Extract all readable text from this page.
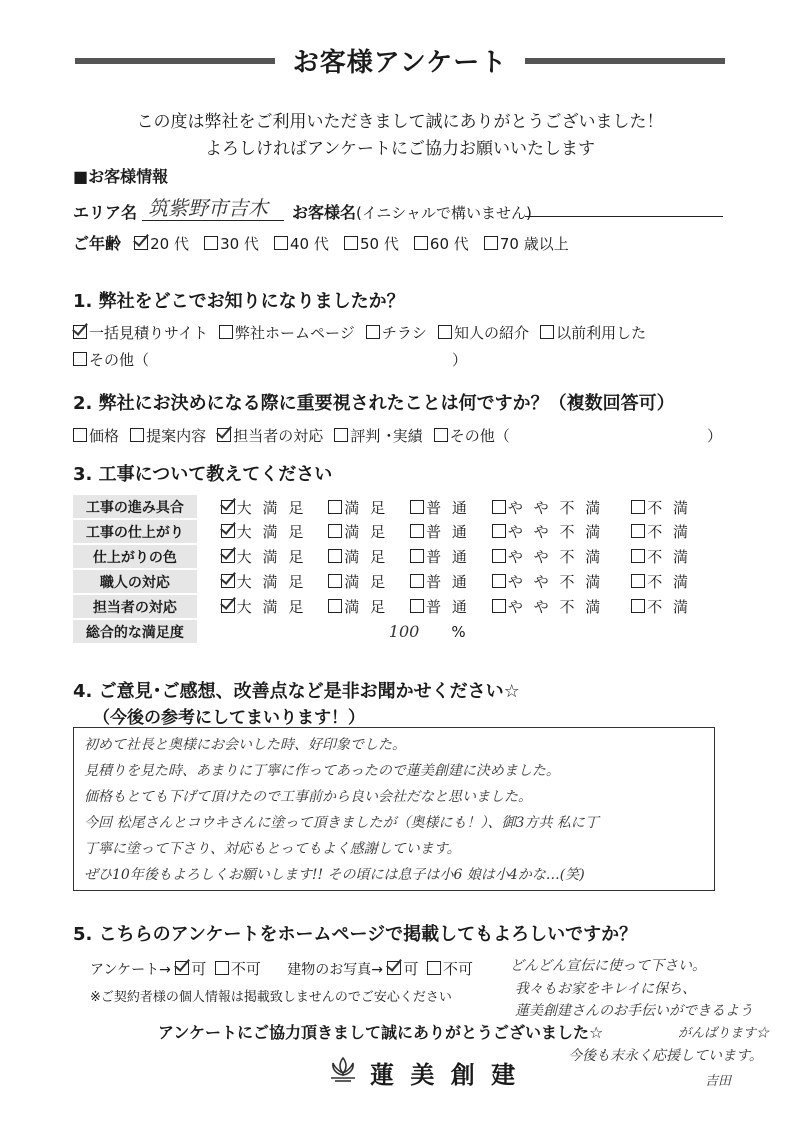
お客様アンケート
この度は弊社をご利用いただきまして誠にありがとうございました！
よろしければアンケートにご協力お願いいたします
■お客様情報
エリア名 筑紫野市吉木 お客様名(イニシャルで構いません)
ご年齢 20 代 30 代 40 代 50 代 60 代 70 歳以上
1. 弊社をどこでお知りになりましたか？
一括見積りサイト 弊社ホームページ チラシ 知人の紹介 以前利用した
その他（	）
2. 弊社にお決めになる際に重要視されたことは何ですか？（複数回答可）
価格 提案内容 担当者の対応 評判 ･実績 その他（	）
3. 工事について教えてください
工事の進み具合	大 満 足 満 足 普 通 や や 不 満 不 満
工事の仕上がり	大 満 足 満 足 普 通 や や 不 満 不 満
仕上がりの色	大 満 足 満 足 普 通 や や 不 満 不 満
職人の対応	大 満 足 満 足 普 通 や や 不 満 不 満
担当者の対応	大 満 足 満 足 普 通 や や 不 満 不 満
総合的な満足度	100 %
4. ご意見･ご感想、改善点など是非お聞かせください☆
（今後の参考にしてまいります！）
初めて社長と奥様にお会いした時、好印象でした。
見積りを見た時、あまりに丁寧に作ってあったので蓮美創建に決めました。
価格もとても下げて頂けたので工事前から良い会社だなと思いました。
今回 松尾さんとコウキさんに塗って頂きましたが（奥様にも！）、御3方共 私に丁
丁寧に塗って下さり、対応もとってもよく感謝しています。
ぜひ10年後もよろしくお願いします!! その頃には息子は小6 娘は小4かな…(笑)
5. こちらのアンケートをホームページで掲載してもよろしいですか？
アンケート→ 可 不可 建物のお写真→ 可 不可
※ご契約者様の個人情報は掲載致しませんのでご安心ください
どんどん宣伝に使って下さい。
我々もお家をキレイに保ち、
蓮美創建さんのお手伝いができるよう
がんばります☆
今後も末永く応援しています。
吉田
アンケートにご協力頂きまして誠にありがとうございました☆
蓮 美 創 建
